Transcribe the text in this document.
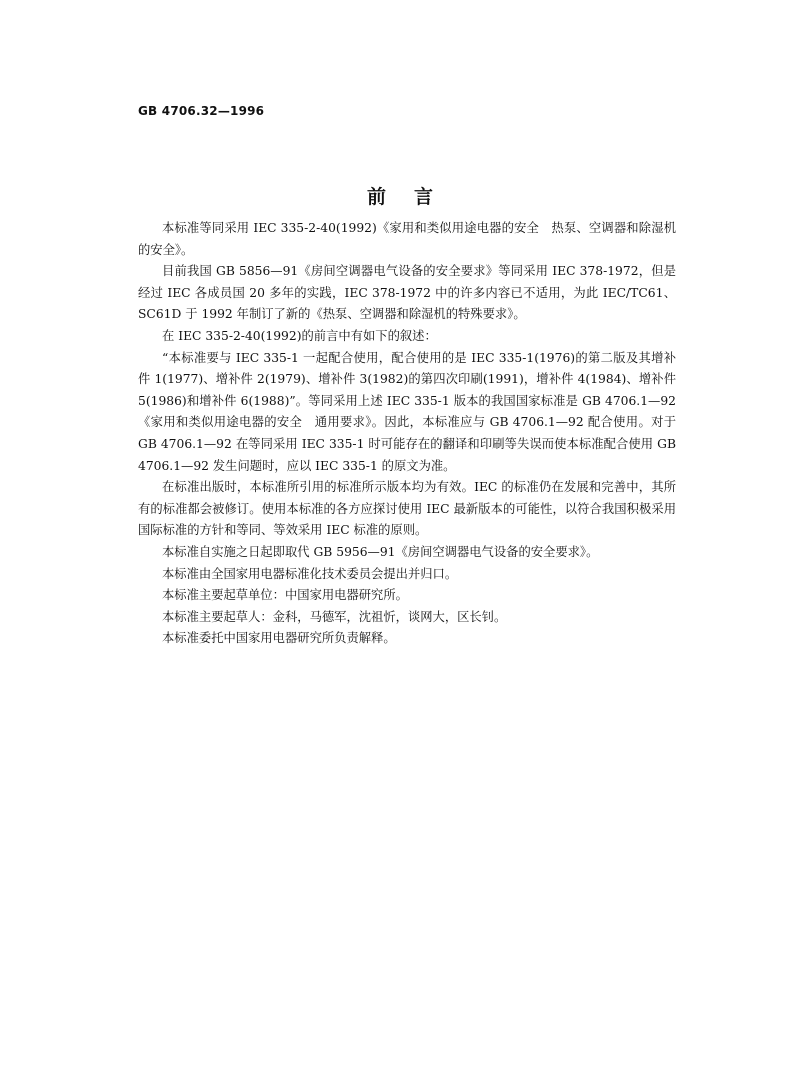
GB 4706.32—1996
前言

本标准等同采用 IEC 335-2-40(1992)《家用和类似用途电器的安全　热泵、空调器和除湿机的安全》。

目前我国 GB 5856—91《房间空调器电气设备的安全要求》等同采用 IEC 378-1972，但是经过 IEC 各成员国 20 多年的实践，IEC 378-1972 中的许多内容已不适用，为此 IEC/TC61、SC61D 于 1992 年制订了新的《热泵、空调器和除湿机的特殊要求》。

在 IEC 335-2-40(1992)的前言中有如下的叙述：

“本标准要与 IEC 335-1 一起配合使用，配合使用的是 IEC 335-1(1976)的第二版及其增补件 1(1977)、增补件 2(1979)、增补件 3(1982)的第四次印刷(1991)，增补件 4(1984)、增补件 5(1986)和增补件 6(1988)”。等同采用上述 IEC 335-1 版本的我国国家标准是 GB 4706.1—92《家用和类似用途电器的安全　通用要求》。因此，本标准应与 GB 4706.1—92 配合使用。对于 GB 4706.1—92 在等同采用 IEC 335-1 时可能存在的翻译和印刷等失误而使本标准配合使用 GB 4706.1—92 发生问题时，应以 IEC 335-1 的原文为准。

在标准出版时，本标准所引用的标准所示版本均为有效。IEC 的标准仍在发展和完善中，其所有的标准都会被修订。使用本标准的各方应探讨使用 IEC 最新版本的可能性，以符合我国积极采用国际标准的方针和等同、等效采用 IEC 标准的原则。

本标准自实施之日起即取代 GB 5956—91《房间空调器电气设备的安全要求》。

本标准由全国家用电器标准化技术委员会提出并归口。

本标准主要起草单位：中国家用电器研究所。

本标准主要起草人：金科，马德军，沈祖忻，谈网大，区长钊。

本标准委托中国家用电器研究所负责解释。
